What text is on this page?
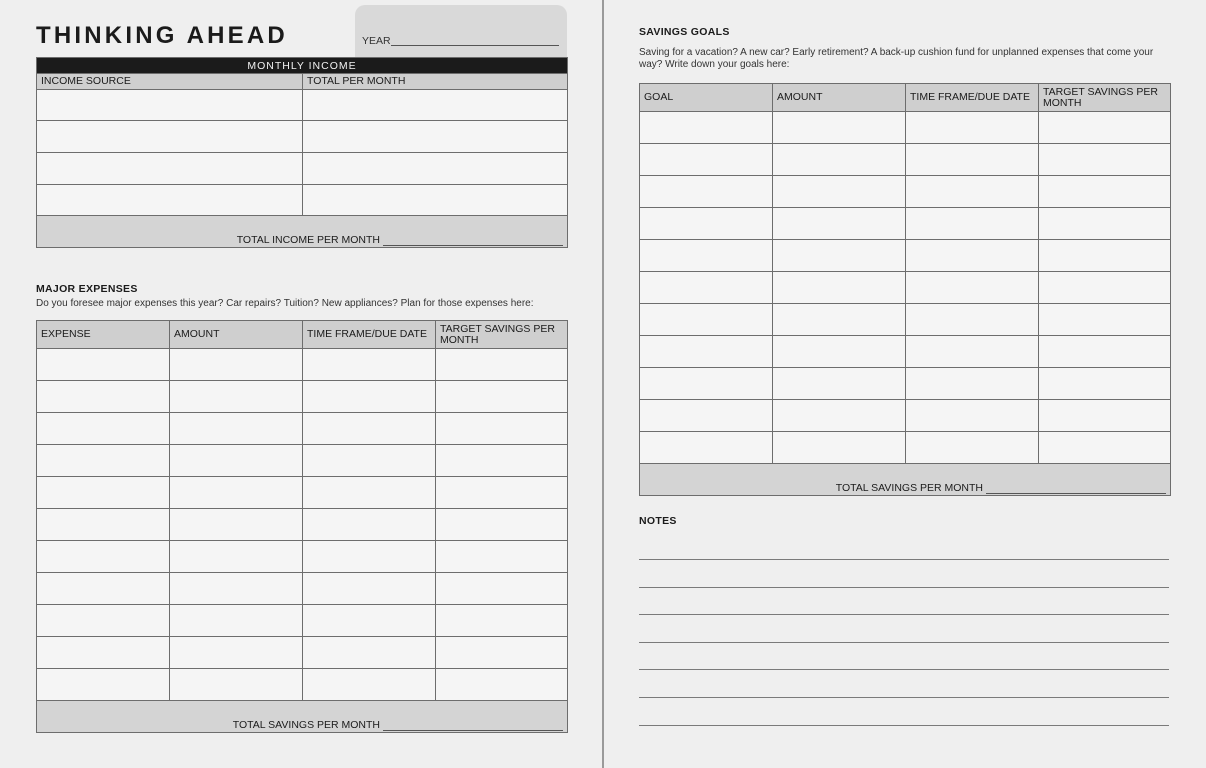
THINKING AHEAD	YEAR
MONTHLY INCOME	
INCOME SOURCE	TOTAL PER MONTH

TOTAL INCOME PER MONTH	
MAJOR EXPENSES
Do you foresee major expenses this year? Car repairs? Tuition? New appliances? Plan for those expenses here:
EXPENSE	AMOUNT	TIME FRAME/DUE DATE	TARGET SAVINGS PER MONTH

TOTAL SAVINGS PER MONTH			
SAVINGS GOALS
Saving for a vacation? A new car? Early retirement? A back-up cushion fund for unplanned expenses that come your way? Write down your goals here:
GOAL	AMOUNT	TIME FRAME/DUE DATE	TARGET SAVINGS PER MONTH

TOTAL SAVINGS PER MONTH			
NOTES
